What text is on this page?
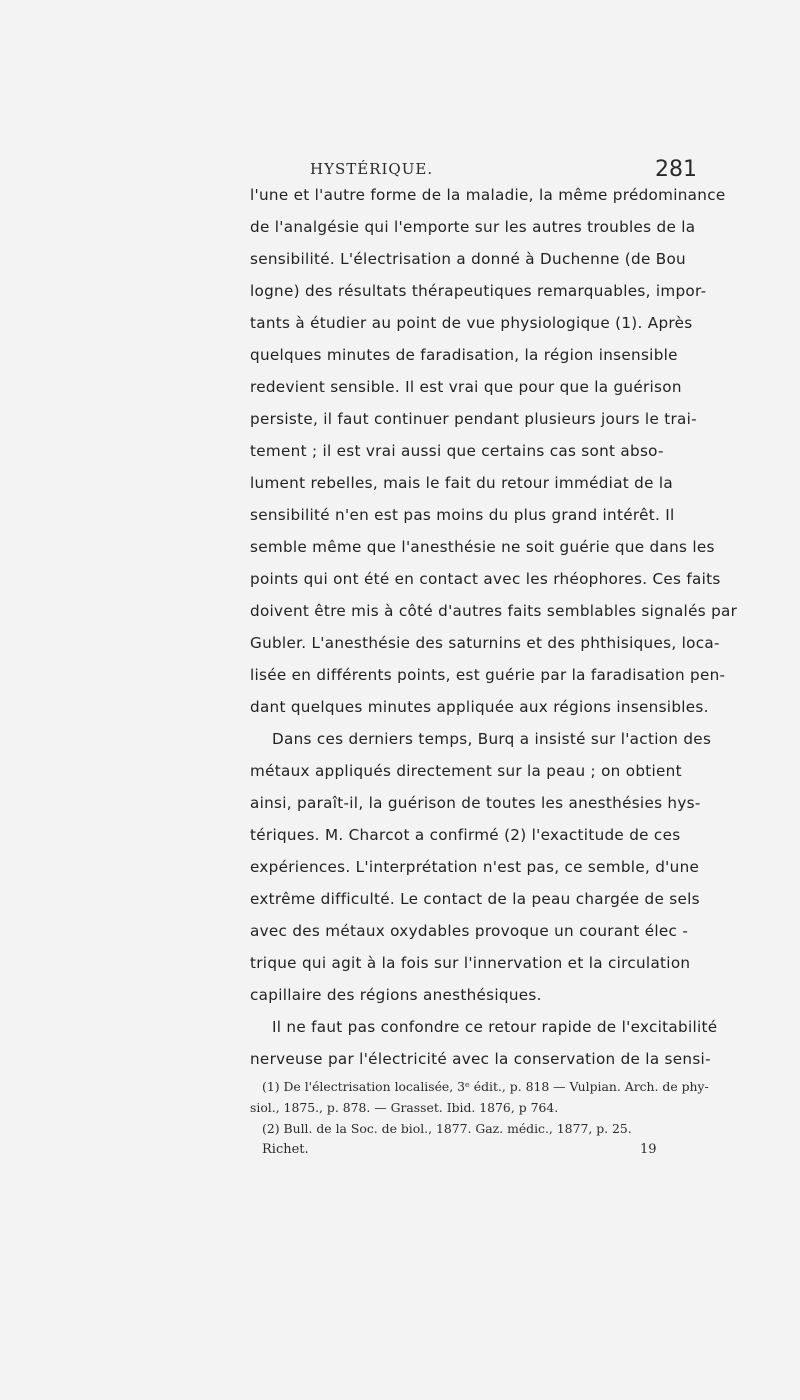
HYSTÉRIQUE.	281
l'une et l'autre forme de la maladie, la même prédominance
de l'analgésie qui l'emporte sur les autres troubles de la
sensibilité. L'électrisation a donné à Duchenne (de Bou
logne) des résultats thérapeutiques remarquables, impor-
tants à étudier au point de vue physiologique (1). Après
quelques minutes de faradisation, la région insensible
redevient sensible. Il est vrai que pour que la guérison
persiste, il faut continuer pendant plusieurs jours le trai-
tement ; il est vrai aussi que certains cas sont abso-
lument rebelles, mais le fait du retour immédiat de la
sensibilité n'en est pas moins du plus grand intérêt. Il
semble même que l'anesthésie ne soit guérie que dans les
points qui ont été en contact avec les rhéophores. Ces faits
doivent être mis à côté d'autres faits semblables signalés par
Gubler. L'anesthésie des saturnins et des phthisiques, loca-
lisée en différents points, est guérie par la faradisation pen-
dant quelques minutes appliquée aux régions insensibles.
Dans ces derniers temps, Burq a insisté sur l'action des
métaux appliqués directement sur la peau ; on obtient
ainsi, paraît-il, la guérison de toutes les anesthésies hys-
tériques. M. Charcot a confirmé (2) l'exactitude de ces
expériences. L'interprétation n'est pas, ce semble, d'une
extrême difficulté. Le contact de la peau chargée de sels
avec des métaux oxydables provoque un courant élec -
trique qui agit à la fois sur l'innervation et la circulation
capillaire des régions anesthésiques.
Il ne faut pas confondre ce retour rapide de l'excitabilité
nerveuse par l'électricité avec la conservation de la sensi-
(1) De l'électrisation localisée, 3ᵉ édit., p. 818 — Vulpian. Arch. de phy-
siol., 1875., p. 878. — Grasset. Ibid. 1876, p 764.
(2) Bull. de la Soc. de biol., 1877. Gaz. médic., 1877, p. 25.
Richet.	19
